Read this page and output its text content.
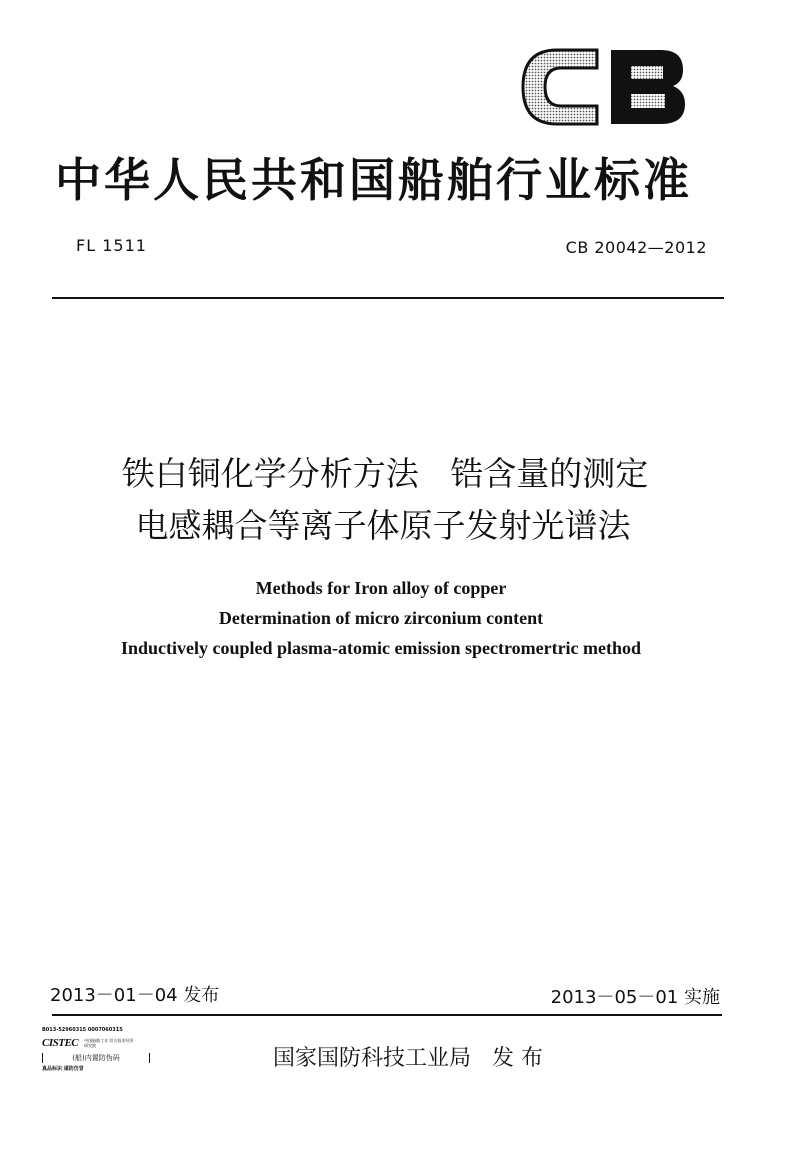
中华人民共和国船舶行业标准
FL 1511	CB 20042—2012
铁白铜化学分析方法   锆含量的测定
电感耦合等离子体原子发射光谱法
Methods for Iron alloy of copper
Determination of micro zirconium content
Inductively coupled plasma-atomic emission spectromertric method
2013－01－04 发布	2013－05－01 实施
B013-52960315 0007060315
CISTEC 中国船舶工业 综合技术经济研究院
(船)内置防伪码
真品标识 谨防仿冒	国家国防科技工业局   发 布
